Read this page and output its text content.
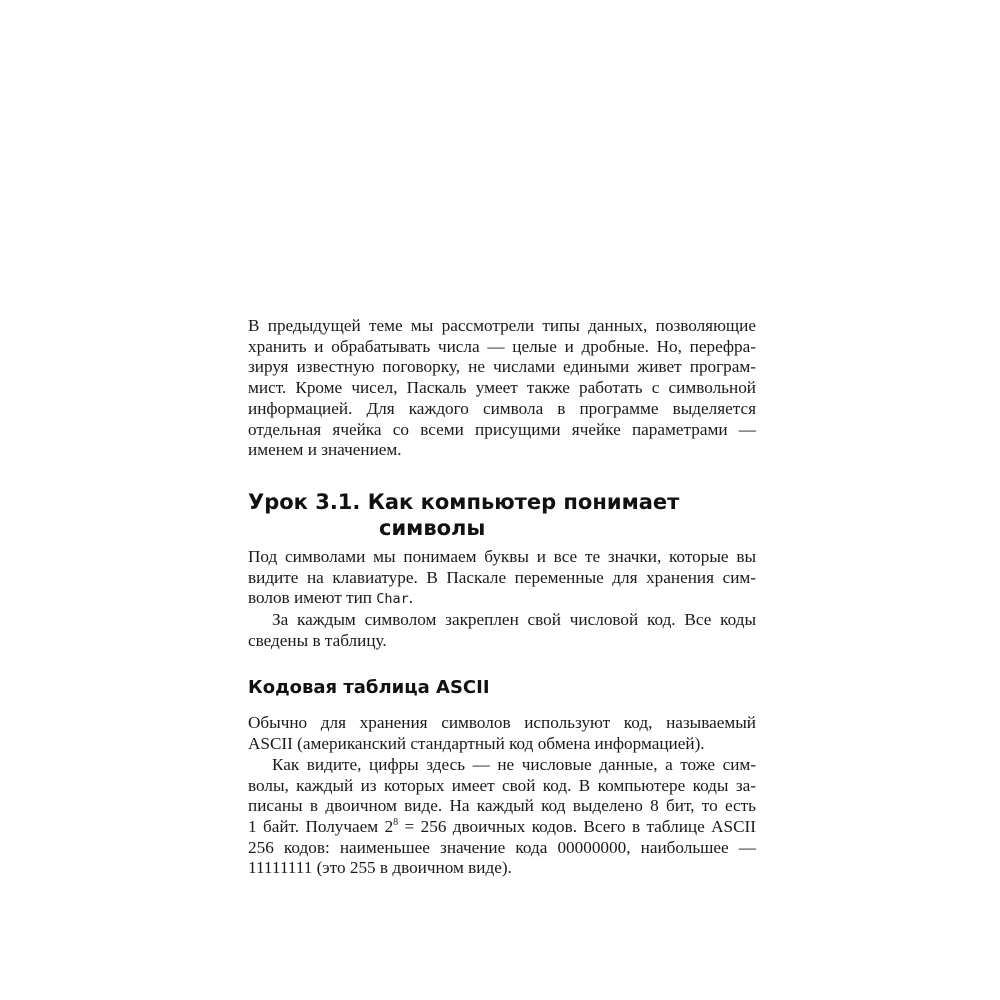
В предыдущей теме мы рассмотрели типы данных, позволяющие
хранить и обрабатывать числа — целые и дробные. Но, перефра-
зируя известную поговорку, не числами едиными живет програм-
мист. Кроме чисел, Паскаль умеет также работать с символьной
информацией. Для каждого символа в программе выделяется
отдельная ячейка со всеми присущими ячейке параметрами —
именем и значением.
Урок 3.1. Как компьютер понимает
символы
Под символами мы понимаем буквы и все те значки, которые вы
видите на клавиатуре. В Паскале переменные для хранения сим-
волов имеют тип Char.
За каждым символом закреплен свой числовой код. Все коды
сведены в таблицу.
Кодовая таблица ASCII
Обычно для хранения символов используют код, называемый
ASCII (американский стандартный код обмена информацией).
Как видите, цифры здесь — не числовые данные, а тоже сим-
волы, каждый из которых имеет свой код. В компьютере коды за-
писаны в двоичном виде. На каждый код выделено 8 бит, то есть
1 байт. Получаем $2^8 = 256$ двоичных кодов. Всего в таблице ASCII
256 кодов: наименьшее значение кода 00000000, наибольшее —
11111111 (это 255 в двоичном виде).
